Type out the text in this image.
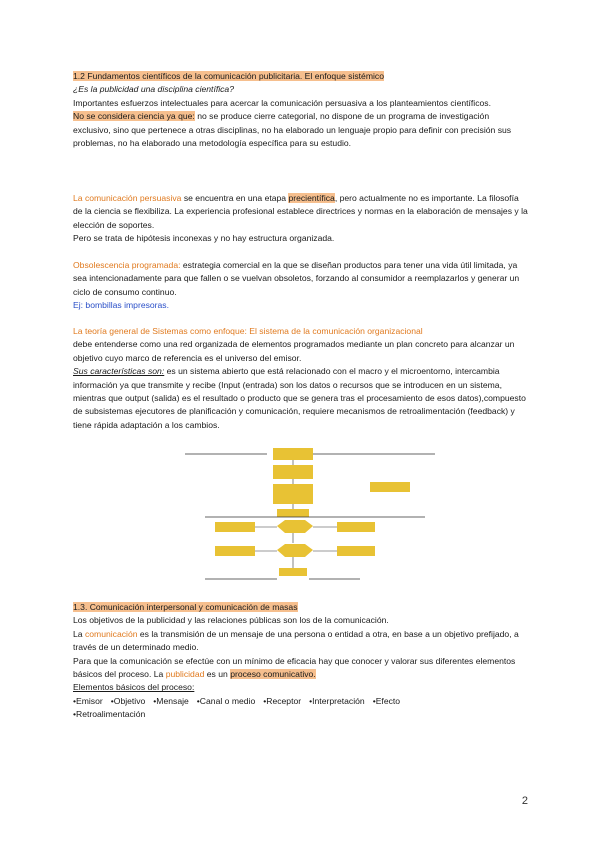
1.2 Fundamentos científicos de la comunicación publicitaria. El enfoque sistémico
¿Es la publicidad una disciplina científica?
Importantes esfuerzos intelectuales para acercar la comunicación persuasiva a los planteamientos científicos.
No se considera ciencia ya que: no se produce cierre categorial, no dispone de un programa de investigación exclusivo, sino que pertenece a otras disciplinas, no ha elaborado un lenguaje propio para definir con precisión sus problemas, no ha elaborado una metodología específica para su estudio.
La comunicación persuasiva se encuentra en una etapa precientífica, pero actualmente no es importante. La filosofía de la ciencia se flexibiliza. La experiencia profesional establece directrices y normas en la elaboración de mensajes y la elección de soportes.
Pero se trata de hipótesis inconexas y no hay estructura organizada.
Obsolescencia programada: estrategia comercial en la que se diseñan productos para tener una vida útil limitada, ya sea intencionadamente para que fallen o se vuelvan obsoletos, forzando al consumidor a reemplazarlos y generar un ciclo de consumo continuo.
Ej: bombillas impresoras.
La teoría general de Sistemas como enfoque: El sistema de la comunicación organizacional
debe entenderse como una red organizada de elementos programados mediante un plan concreto para alcanzar un objetivo cuyo marco de referencia es el universo del emisor.
Sus características son: es un sistema abierto que está relacionado con el macro y el microentorno, intercambia información ya que transmite y recibe (Input (entrada) son los datos o recursos que se introducen en un sistema, mientras que output (salida) es el resultado o producto que se genera tras el procesamiento de esos datos),compuesto de subsistemas ejecutores de planificación y comunicación, requiere mecanismos de retroalimentación (feedback) y tiene rápida adaptación a los cambios.
1.3. Comunicación interpersonal y comunicación de masas
Los objetivos de la publicidad y las relaciones públicas son los de la comunicación.
La comunicación es la transmisión de un mensaje de una persona o entidad a otra, en base a un objetivo prefijado, a través de un determinado medio.
Para que la comunicación se efectúe con un mínimo de eficacia hay que conocer y valorar sus diferentes elementos básicos del proceso. La publicidad es un proceso comunicativo.
Elementos básicos del proceso:
•Emisor •Objetivo •Mensaje •Canal o medio •Receptor •Interpretación •Efecto
•Retroalimentación
2
